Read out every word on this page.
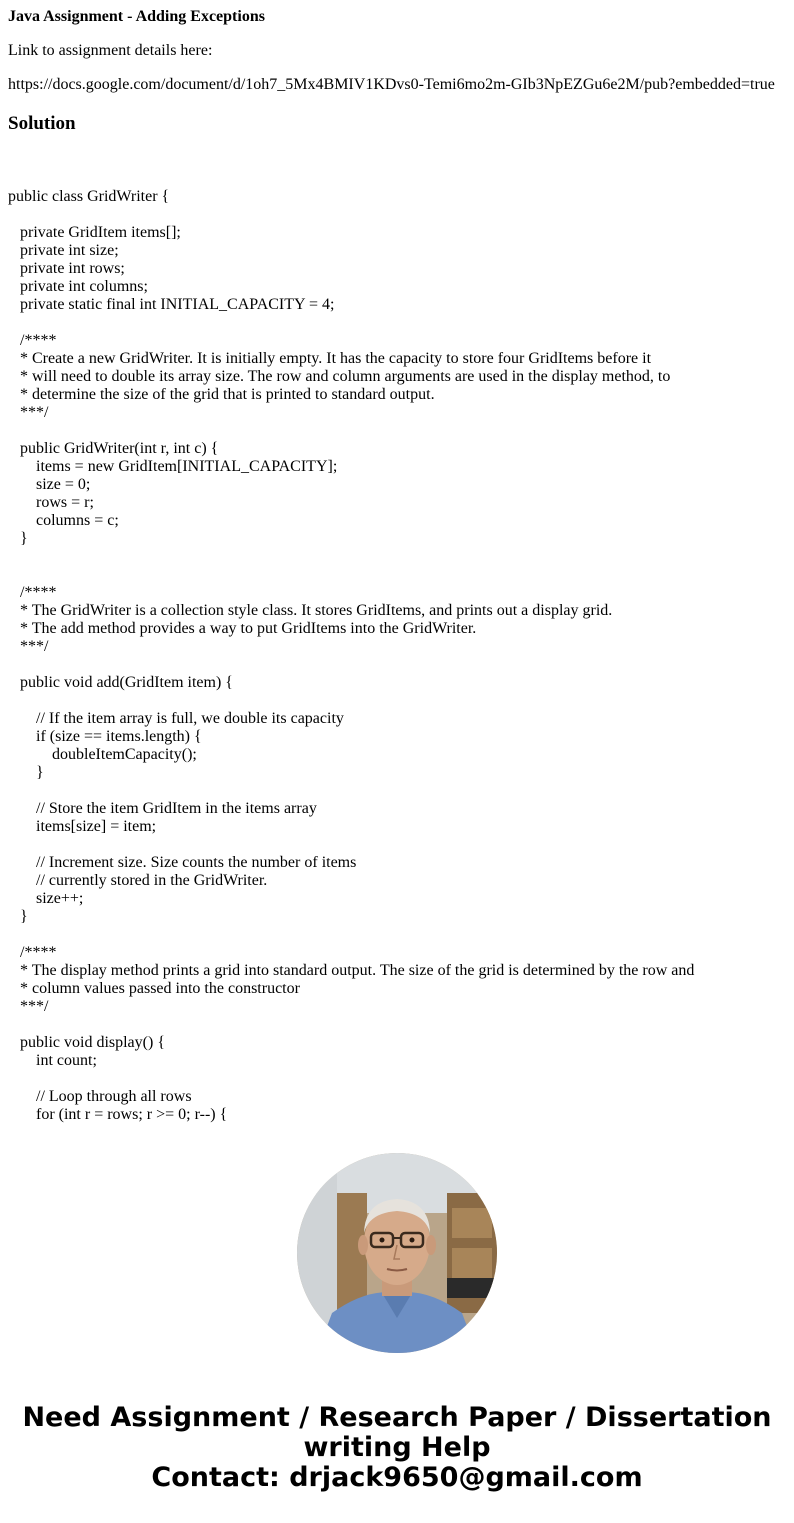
Java Assignment - Adding Exceptions

Link to assignment details here:

https://docs.google.com/document/d/1oh7_5Mx4BMIV1KDvs0-Temi6mo2m-GIb3NpEZGu6e2M/pub?embedded=true
Solution
public class GridWriter {
private GridItem items[];
private int size;
private int rows;
private int columns;
private static final int INITIAL_CAPACITY = 4;
/****
* Create a new GridWriter. It is initially empty. It has the capacity to store four GridItems before it
* will need to double its array size. The row and column arguments are used in the display method, to
* determine the size of the grid that is printed to standard output.
***/
public GridWriter(int r, int c) {
items = new GridItem[INITIAL_CAPACITY];
size = 0;
rows = r;
columns = c;
}
/****
* The GridWriter is a collection style class. It stores GridItems, and prints out a display grid.
* The add method provides a way to put GridItems into the GridWriter.
***/
public void add(GridItem item) {
// If the item array is full, we double its capacity
if (size == items.length) {
doubleItemCapacity();
}
// Store the item GridItem in the items array
items[size] = item;
// Increment size. Size counts the number of items
// currently stored in the GridWriter.
size++;
}
/****
* The display method prints a grid into standard output. The size of the grid is determined by the row and
* column values passed into the constructor
***/
public void display() {
int count;
// Loop through all rows
for (int r = rows; r >= 0; r--) {
Need Assignment / Research Paper / Dissertation
writing Help
Contact: drjack9650@gmail.com
